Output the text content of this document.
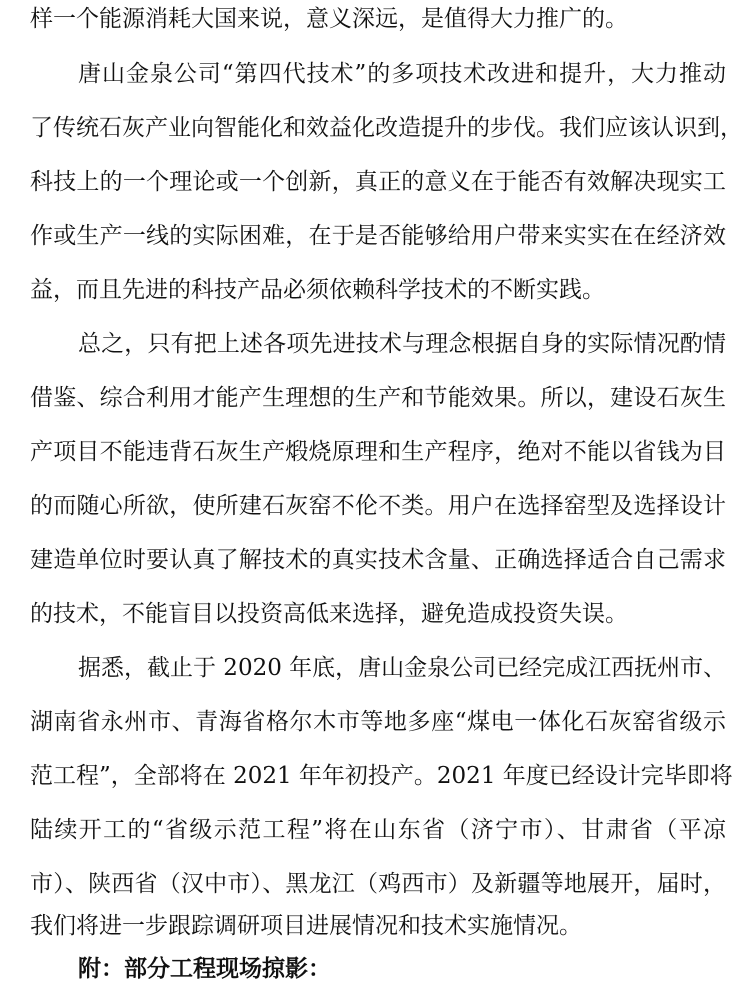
样一个能源消耗大国来说，意义深远，是值得大力推广的。
唐山金泉公司“第四代技术”的多项技术改进和提升，大力推动
了传统石灰产业向智能化和效益化改造提升的步伐。我们应该认识到，
科技上的一个理论或一个创新，真正的意义在于能否有效解决现实工
作或生产一线的实际困难，在于是否能够给用户带来实实在在经济效
益，而且先进的科技产品必须依赖科学技术的不断实践。
总之，只有把上述各项先进技术与理念根据自身的实际情况酌情
借鉴、综合利用才能产生理想的生产和节能效果。所以，建设石灰生
产项目不能违背石灰生产煅烧原理和生产程序，绝对不能以省钱为目
的而随心所欲，使所建石灰窑不伦不类。用户在选择窑型及选择设计
建造单位时要认真了解技术的真实技术含量、正确选择适合自己需求
的技术，不能盲目以投资高低来选择，避免造成投资失误。
据悉，截止于 2020 年底，唐山金泉公司已经完成江西抚州市、
湖南省永州市、青海省格尔木市等地多座“煤电一体化石灰窑省级示
范工程”，全部将在 2021 年年初投产。2021 年度已经设计完毕即将
陆续开工的“省级示范工程”将在山东省（济宁市）、甘肃省（平凉
市）、陕西省（汉中市）、黑龙江（鸡西市）及新疆等地展开，届时，
我们将进一步跟踪调研项目进展情况和技术实施情况。
附：部分工程现场掠影：
